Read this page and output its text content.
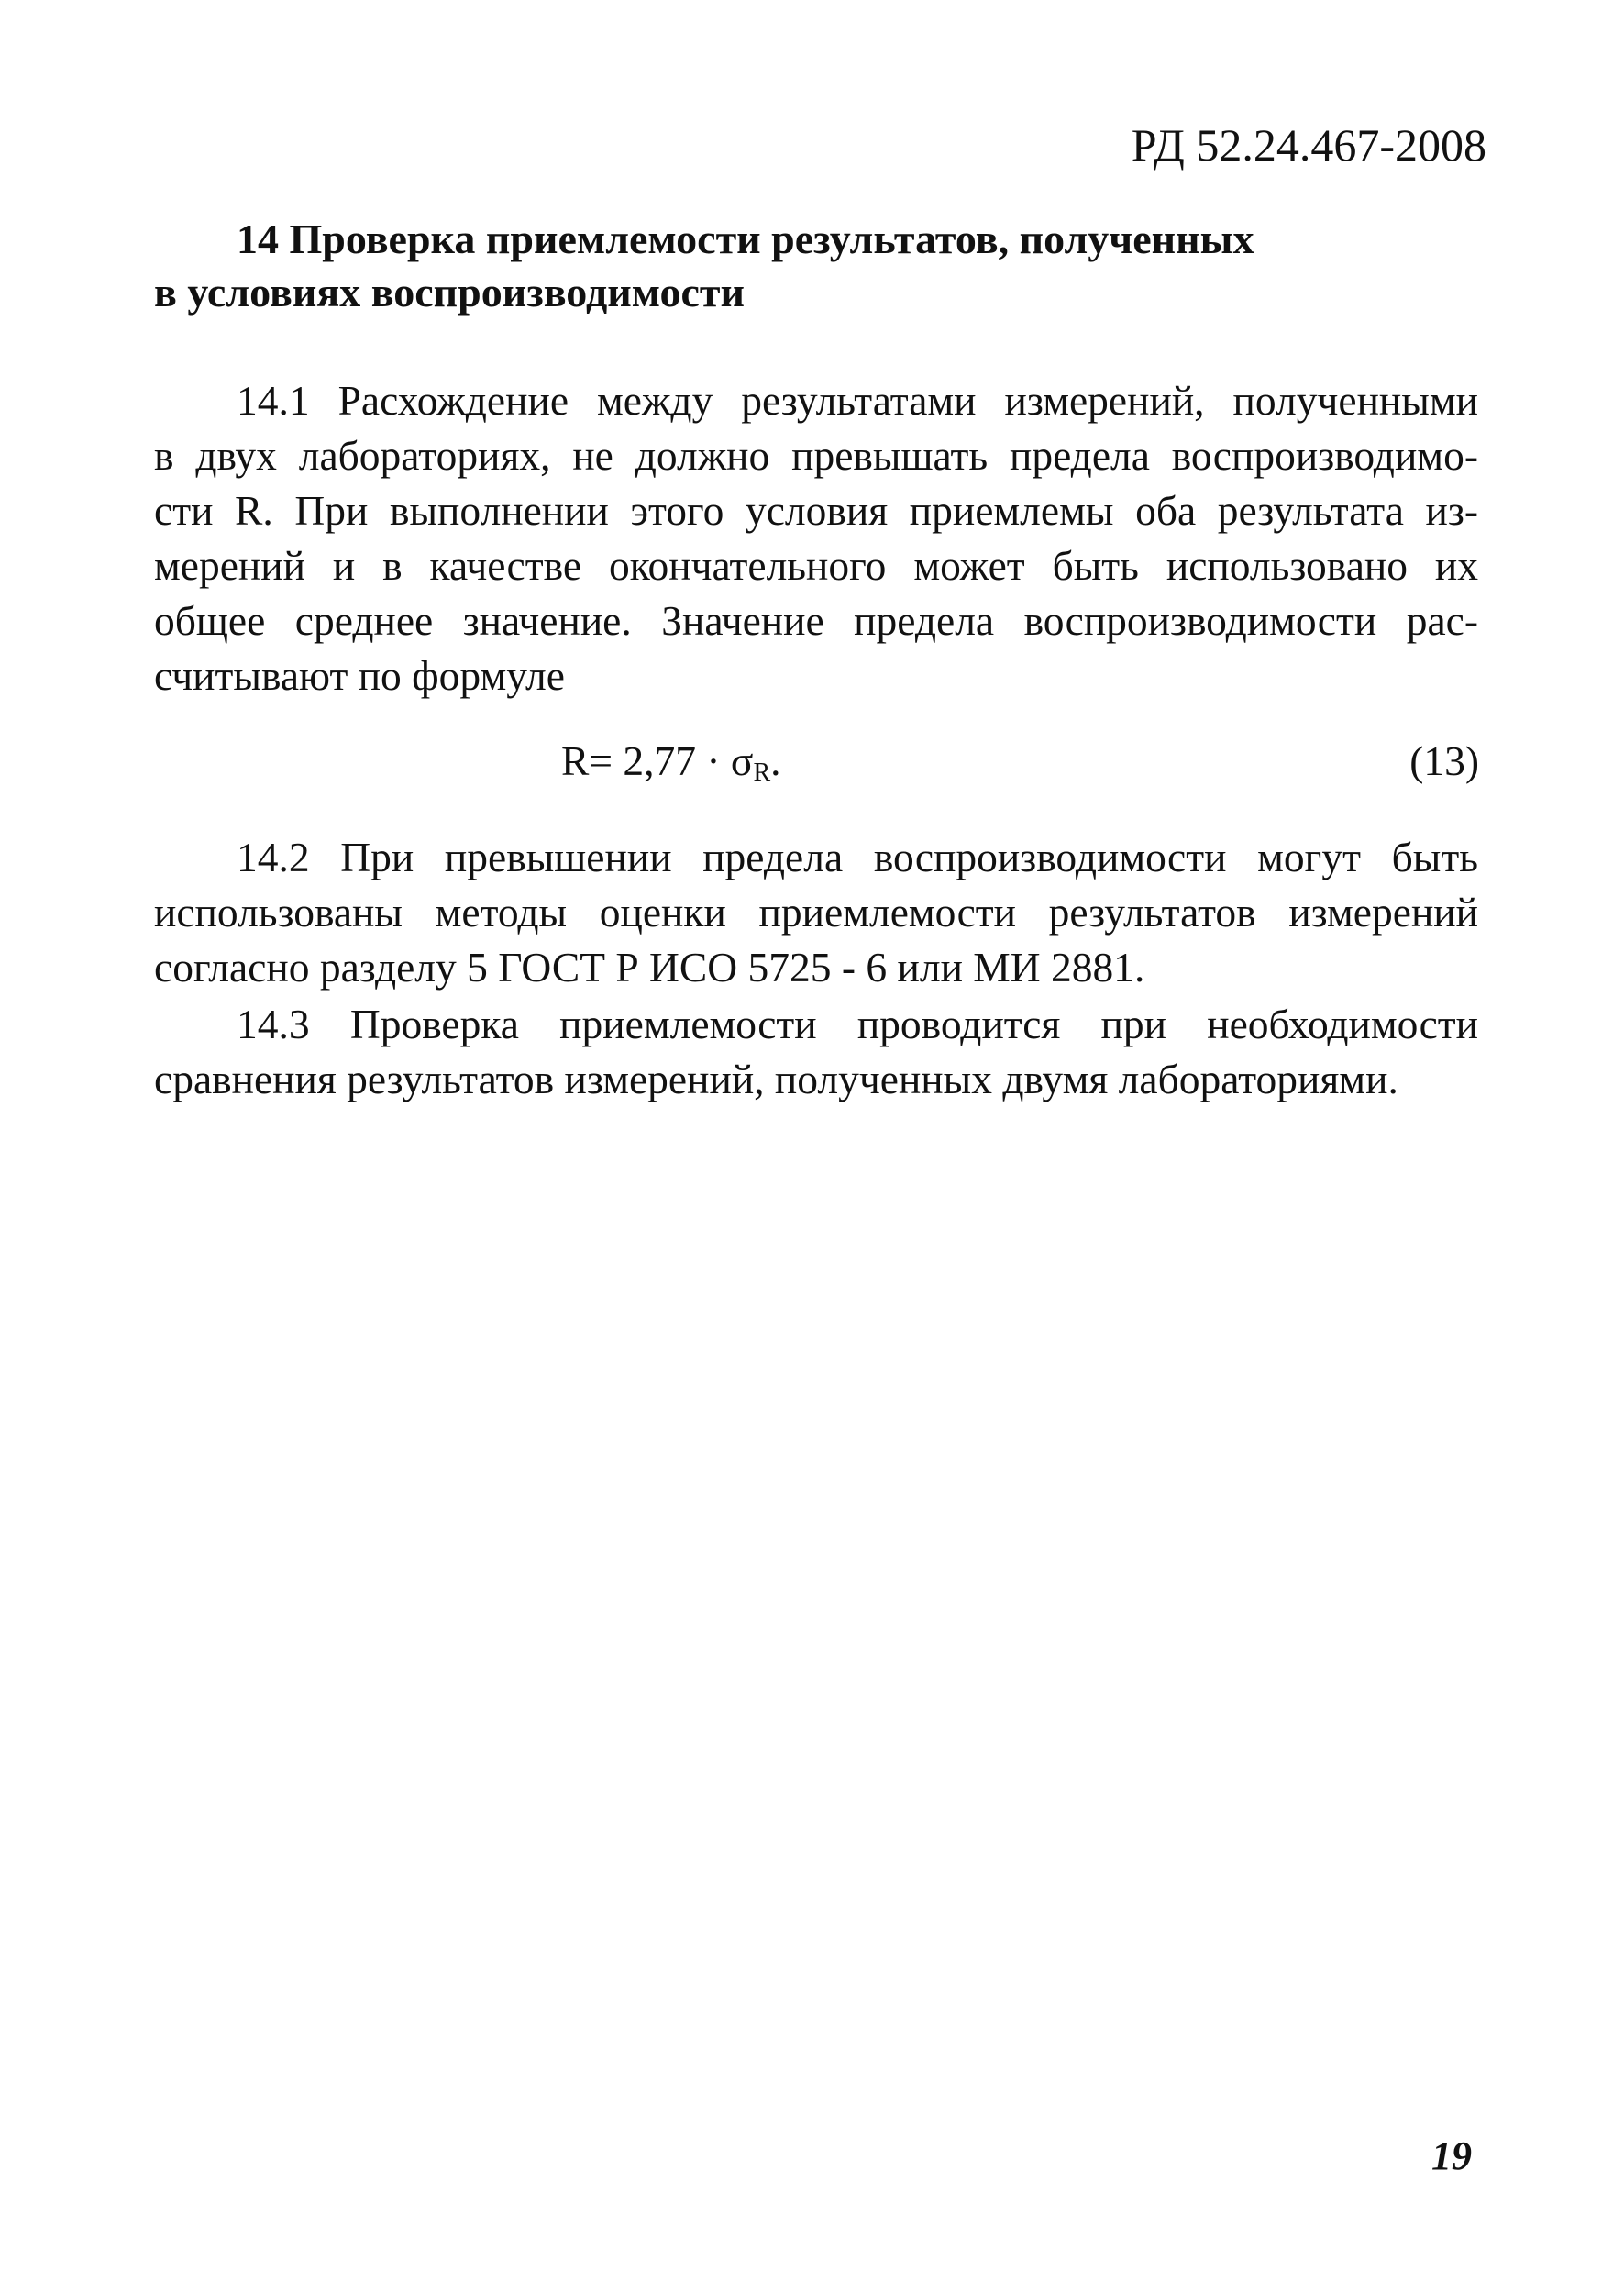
РД 52.24.467-2008
14 Проверка приемлемости результатов, полученных
в условиях воспроизводимости
14.1 Расхождение между результатами измерений, полученными
в двух лабораториях, не должно превышать предела воспроизводимо-
сти R. При выполнении этого условия приемлемы оба результата из-
мерений и в качестве окончательного может быть использовано их
общее среднее значение. Значение предела воспроизводимости рас-
считывают по формуле
$R= 2,77 \cdot \sigma_R$.	(13)
14.2 При превышении предела воспроизводимости могут быть
использованы методы оценки приемлемости результатов измерений
согласно разделу 5 ГОСТ Р ИСО 5725 - 6 или МИ 2881.
14.3 Проверка приемлемости проводится при необходимости
сравнения результатов измерений, полученных двумя лабораториями.
19
